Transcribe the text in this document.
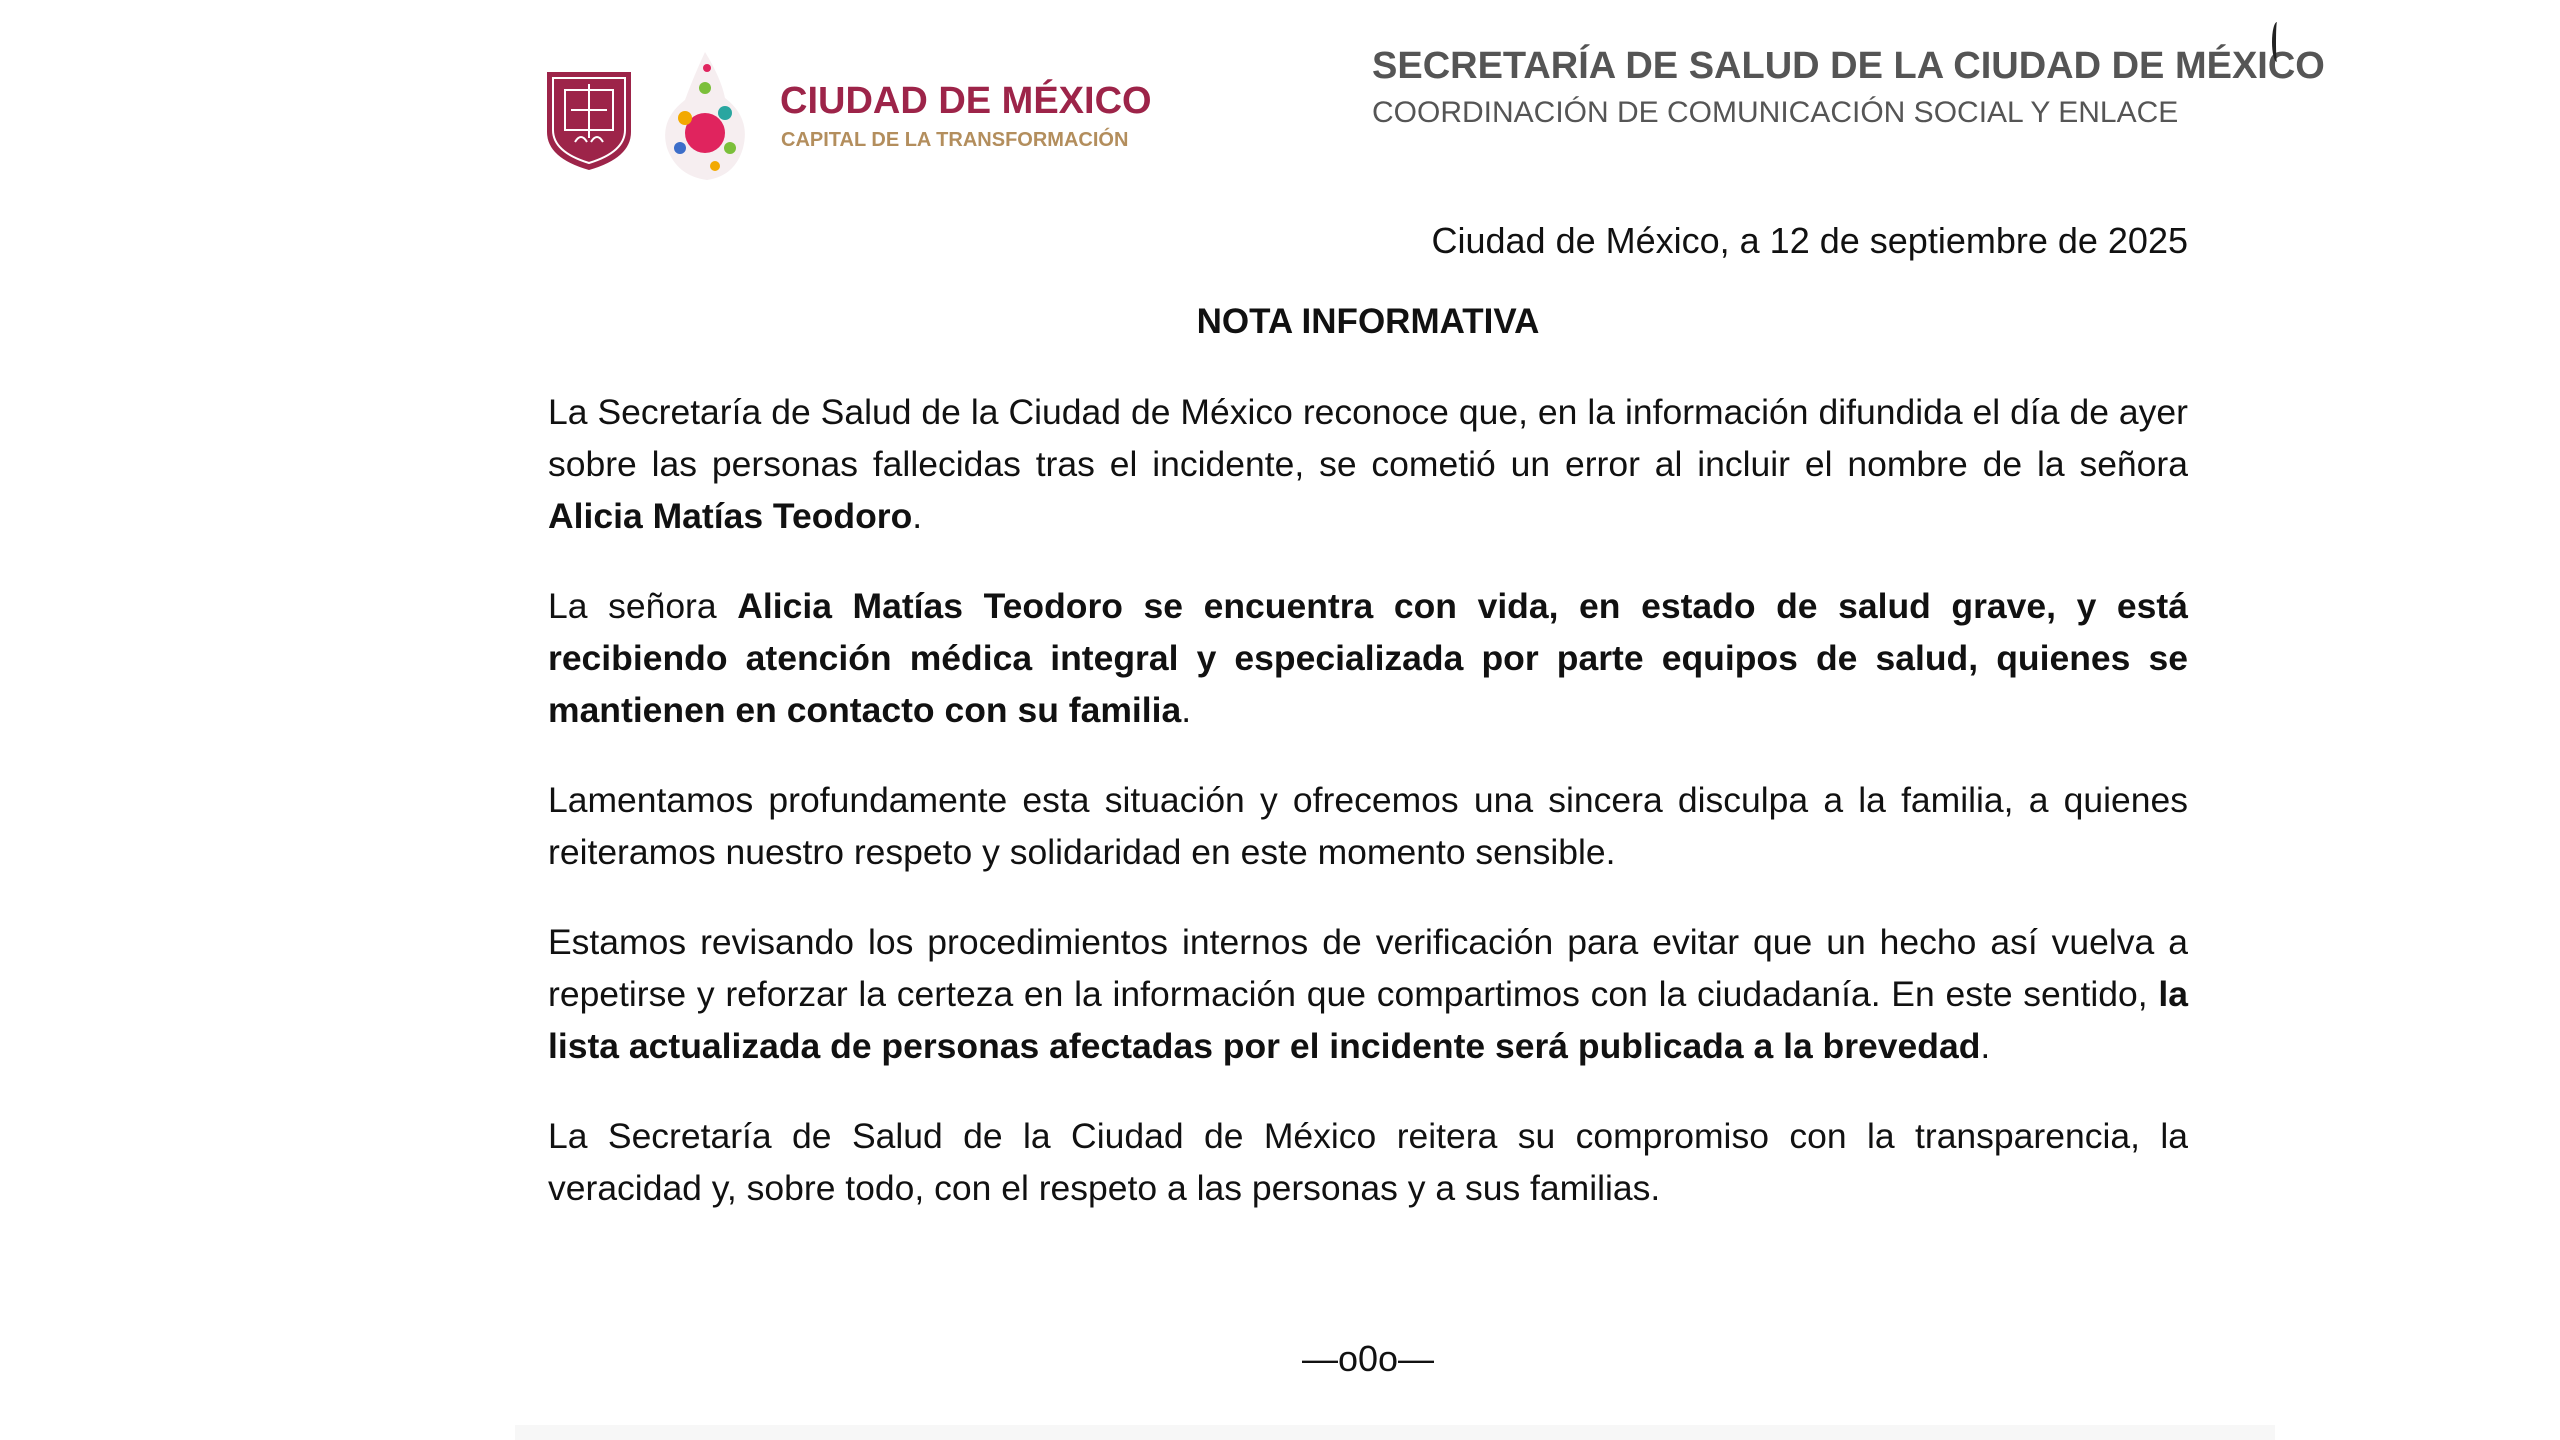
CIUDAD DE MÉXICO
CAPITAL DE LA TRANSFORMACIÓN
SECRETARÍA DE SALUD DE LA CIUDAD DE MÉXICO
COORDINACIÓN DE COMUNICACIÓN SOCIAL Y ENLACE
Ciudad de México, a 12 de septiembre de 2025
NOTA INFORMATIVA

La Secretaría de Salud de la Ciudad de México reconoce que, en la información difundida el día de ayer sobre las personas fallecidas tras el incidente, se cometió un error al incluir el nombre de la señora Alicia Matías Teodoro.

La señora Alicia Matías Teodoro se encuentra con vida, en estado de salud grave, y está recibiendo atención médica integral y especializada por parte equipos de salud, quienes se mantienen en contacto con su familia.

Lamentamos profundamente esta situación y ofrecemos una sincera disculpa a la familia, a quienes reiteramos nuestro respeto y solidaridad en este momento sensible.

Estamos revisando los procedimientos internos de verificación para evitar que un hecho así vuelva a repetirse y reforzar la certeza en la información que compartimos con la ciudadanía. En este sentido, la lista actualizada de personas afectadas por el incidente será publicada a la brevedad.

La Secretaría de Salud de la Ciudad de México reitera su compromiso con la transparencia, la veracidad y, sobre todo, con el respeto a las personas y a sus familias.

—o0o—
